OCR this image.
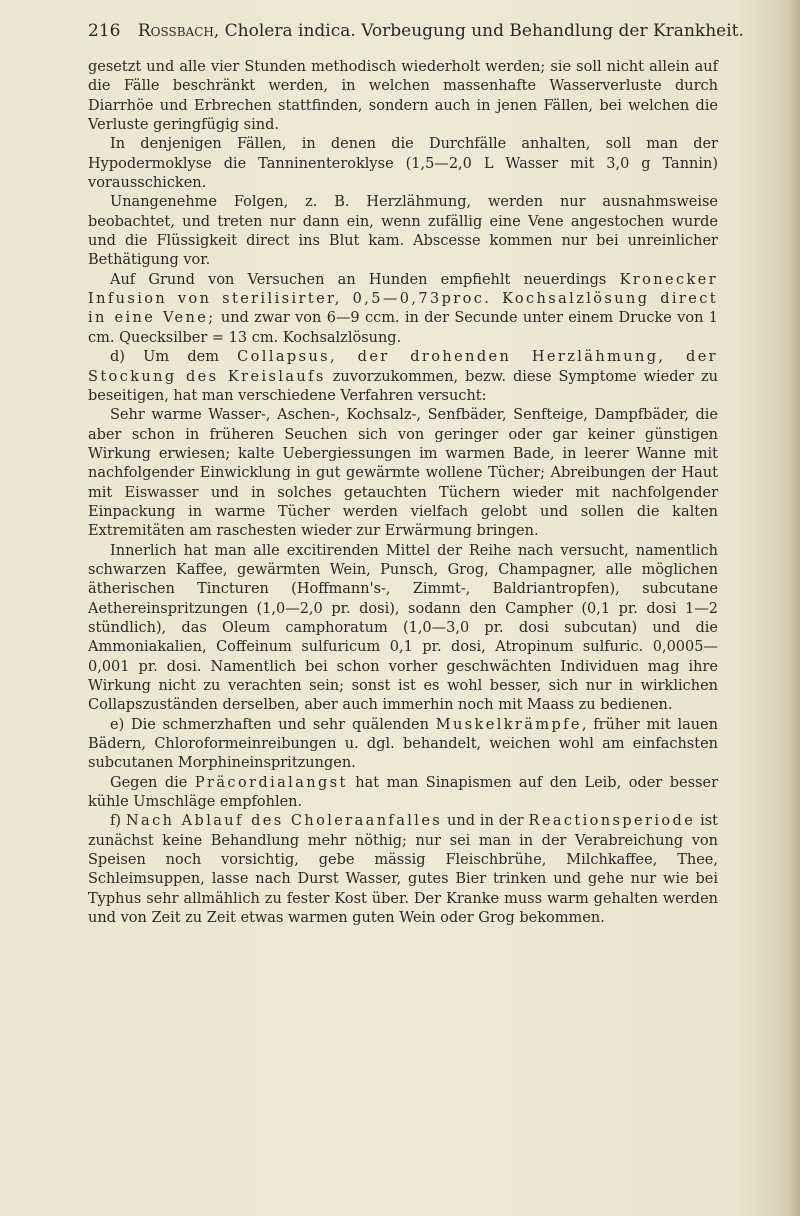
216 Rossbach, Cholera indica. Vorbeugung und Behandlung der Krankheit.

gesetzt und alle vier Stunden methodisch wiederholt werden; sie soll nicht allein auf die Fälle beschränkt werden, in welchen massenhafte Wasserverluste durch Diarrhöe und Erbrechen stattfinden, sondern auch in jenen Fällen, bei welchen die Verluste geringfügig sind.

In denjenigen Fällen, in denen die Durchfälle anhalten, soll man der Hypodermoklyse die Tanninenteroklyse (1,5—2,0 L Wasser mit 3,0 g Tannin) vorausschicken.

Unangenehme Folgen, z. B. Herzlähmung, werden nur ausnahmsweise beobachtet, und treten nur dann ein, wenn zufällig eine Vene angestochen wurde und die Flüssigkeit direct ins Blut kam. Abscesse kommen nur bei unreinlicher Bethätigung vor.

Auf Grund von Versuchen an Hunden empfiehlt neuerdings Kronecker Infusion von sterilisirter, 0,5—0,73proc. Kochsalzlösung direct in eine Vene; und zwar von 6—9 ccm. in der Secunde unter einem Drucke von 1 cm. Quecksilber = 13 cm. Kochsalzlösung.

d) Um dem Collapsus, der drohenden Herzlähmung, der Stockung des Kreislaufs zuvorzukommen, bezw. diese Symptome wieder zu beseitigen, hat man verschiedene Verfahren versucht:

Sehr warme Wasser-, Aschen-, Kochsalz-, Senfbäder, Senfteige, Dampfbäder, die aber schon in früheren Seuchen sich von geringer oder gar keiner günstigen Wirkung erwiesen; kalte Uebergiessungen im warmen Bade, in leerer Wanne mit nachfolgender Einwicklung in gut gewärmte wollene Tücher; Abreibungen der Haut mit Eiswasser und in solches getauchten Tüchern wieder mit nachfolgender Einpackung in warme Tücher werden vielfach gelobt und sollen die kalten Extremitäten am raschesten wieder zur Erwärmung bringen.

Innerlich hat man alle excitirenden Mittel der Reihe nach versucht, namentlich schwarzen Kaffee, gewärmten Wein, Punsch, Grog, Champagner, alle möglichen ätherischen Tincturen (Hoffmann's-, Zimmt-, Baldriantropfen), subcutane Aethereinspritzungen (1,0—2,0 pr. dosi), sodann den Campher (0,1 pr. dosi 1—2 stündlich), das Oleum camphoratum (1,0—3,0 pr. dosi subcutan) und die Ammoniakalien, Coffeinum sulfuricum 0,1 pr. dosi, Atropinum sulfuric. 0,0005—0,001 pr. dosi. Namentlich bei schon vorher geschwächten Individuen mag ihre Wirkung nicht zu verachten sein; sonst ist es wohl besser, sich nur in wirklichen Collapszuständen derselben, aber auch immerhin noch mit Maass zu bedienen.

e) Die schmerzhaften und sehr quälenden Muskelkrämpfe, früher mit lauen Bädern, Chloroformeinreibungen u. dgl. behandelt, weichen wohl am einfachsten subcutanen Morphineinspritzungen.

Gegen die Präcordialangst hat man Sinapismen auf den Leib, oder besser kühle Umschläge empfohlen.

f) Nach Ablauf des Choleraanfalles und in der Reactionsperiode ist zunächst keine Behandlung mehr nöthig; nur sei man in der Verabreichung von Speisen noch vorsichtig, gebe mässig Fleischbrühe, Milchkaffee, Thee, Schleimsuppen, lasse nach Durst Wasser, gutes Bier trinken und gehe nur wie bei Typhus sehr allmählich zu fester Kost über. Der Kranke muss warm gehalten werden und von Zeit zu Zeit etwas warmen guten Wein oder Grog bekommen.
